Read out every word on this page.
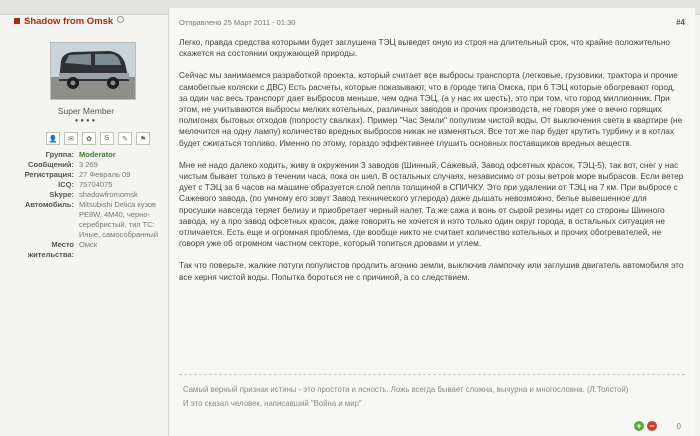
Shadow from Omsk
Super Member
●●●●
👤	✉	✿	S	✎	⚑
Группа: Moderator
Сообщений: 3 269
Регистрация: 27 Февраль 09
ICQ: 75704075
Skype: shadowfromomsk
Автомобиль: Mitsubishi Delica кузов PE8W, 4M40, черно-серебристый, тип ТС: Иные, самособранный
Место жительства:
Омск
Отправлено 25 Март 2011 - 01:30	#4

Легко, правда средства которыми будет заглушена ТЭЦ выведет оную из строя на длительный срок, что крайне положительно скажется на состоянии окружающей природы.

Сейчас мы занимаемся разработкой проекта, который считает все выбросы транспорта (легковые, грузовики, трактора и прочие самобеглые коляски с ДВС) Есть расчеты, которые показывают, что в городе типа Омска, при 6 ТЭЦ которые обогревают город, за один час весь транспорт дает выбросов меньше, чем одна ТЭЦ, (а у нас их шесть), это при том, что город миллионник. При этом, не учитываются выбросы мелких котельных, различных заводов и прочих производств, не говоря уже о вечно горящих полигонах бытовых отходов (попросту свалках). Пример "Час Земли" популизм чистой воды. От выключения света в квартире (не мелочится на одну лампу) количество вредных выбросов никак не изменяться. Все тот же пар будет крутить турбину и в котлах будет сжигаться топливо. Именно по этому, гораздо эффективнее глушить основных поставщиков вредных веществ.

Мне не надо далеко ходить, живу в окружении 3 заводов (Шинный, Сажевый, Завод офсетных красок, ТЭЦ-5), так вот, снег у нас чистым бывает только в течении часа, пока он шел. В остальных случаях, независимо от розы ветров море выбрасов. Если ветер дует с ТЭЦ за 6 часов на машине образуется слой пепла толщиной в СПИЧКУ. Это при удалении от ТЭЦ на 7 км. При выбросе с Сажевого завода, (по умному его зовут Завод технического углерода) даже дышать невозможно, белье вывешенное для просушки навсегда теряет белизу и приобретает черный налет. Та же сажа и вонь от сырой резины идет со стороны Шинного завода, ну а про завод офсетных красок, даже говорить не хочется и нэто только один округ города, в остальных ситуация не отличается. Есть еще и огромная проблема, где вообще никто не считает количество котельных и прочих обогревателей, не говоря уже об огромном частном секторе, который топиться дровами и углем.

Так что поверьте, жалкие потуги популистов продлить агонию земли, выключив лампочку или заглушив двигатель автомобиля это все херня чистой воды. Попытка бороться не с причиной, а со следствием.

Самый верный признак истины - это простота и ясность. Ложь всегда бывает сложна, вычурна и многословна. (Л.Толстой)
И это сказал человек, написавший "Война и мир"
+ −	0
